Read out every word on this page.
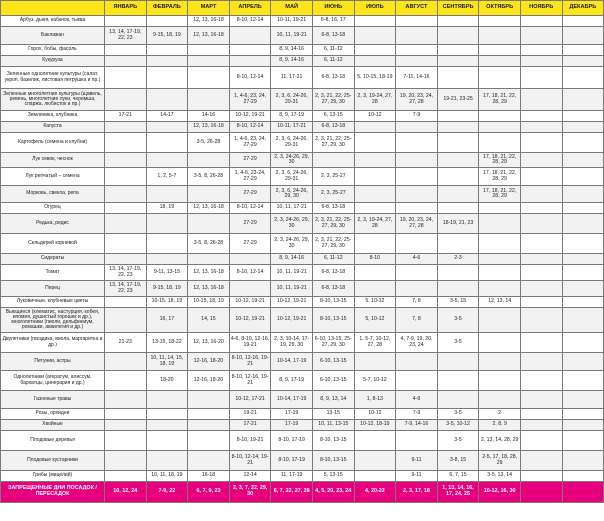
	ЯНВАРЬ	ФЕВРАЛЬ	МАРТ	АПРЕЛЬ	МАЙ	ИЮНЬ	ИЮЛЬ	АВГУСТ	СЕНТЯБРЬ	ОКТЯБРЬ	НОЯБРЬ	ДЕКАБРЬ
Арбуз, дыня, кабачок, тыква			12, 13, 16-18	8-10, 12-14	10-11, 19-21	6-8, 16, 17						
Баклажан	13, 14, 17-19, 22, 23	9-15, 18, 19	12, 13, 16-18		10, 11, 19-21	6-8, 13-18						
Горох, бобы, фасоль					8, 9, 14-16	6, 11-12						
Кукуруза					8, 9, 14-16	6, 11-12						
Зеленные однолетние культуры (салат, укроп, базилик, листовая петрушка и пр.)				8-10, 12-14	11, 17-21	6-8, 13-18	5, 10-15, 18-19	7-11, 14-16				
Зеленные многолетние культуры (щавель, ревень, многолетние луки, черемша, спаржа, любисток и пр.)				1, 4-6, 23, 24, 27-29	2, 3, 6, 24-26, 29-31	2, 3, 21, 22, 25-27, 29, 30	2, 3, 19-24, 27, 28	19, 20, 23, 24, 27, 28	19-21, 23-25	17, 18, 21, 22, 28, 29		
Земляника, клубника	17-21	14-17	14-16	10-12, 19-21	8, 9, 17-19	6, 13-15	10-12	7-9				
Капуста			12, 13, 16-18	8-10, 12-14	10-11, 17-21	6-8, 13-18						
Картофель (семена и клубни)			3-5, 26-28	1, 4-6, 23, 24, 27-29	2, 3, 6, 24-26, 29-31	2, 3, 21, 22, 25-27, 29, 30						
Лук севок, чеснок				27-29	2, 3, 24-26, 29, 30					17, 18, 21, 22, 28, 29		
Лук репчатый – семена		1, 2, 5-7	3-5, 8, 26-28	1, 4-6, 23-24, 27-29	2, 3, 6, 24-26, 29-31	2, 3, 25-27				17, 18, 21, 22, 28, 29		
Морковь, свекла, репа				27-29	2, 3, 6, 24-26, 29, 30	2, 3, 25-27				17, 18, 21, 22, 28, 29		
Огурец		18, 19	12, 13, 16-18	8-10, 12-14	10, 11, 17-21	6-8, 13-18						
Редька, редис				27-29	2, 3, 24-26, 29, 30	2, 3, 21, 22, 25-27, 29, 30	2, 3, 19-24, 27, 28	19, 20, 23, 24, 27, 28	18-19, 21, 23			
Сельдерей корневой			3-5, 8, 26-28	27-29	2, 3, 24-26, 29, 30	2, 3, 21, 22, 25-27, 29, 30						
Сидераты					8, 9, 14-16	6, 11-12	8-10	4-6	2-3			
Томат	13, 14, 17-19, 22, 23	9-11, 13-15	12, 13, 16-18	8-10, 12-14	10, 11, 19-21	6-8, 13-18						
Перец	13, 14, 17-19, 22, 23	9-15, 18, 19	12, 13, 16-18		10, 11, 19-21	6-8, 13-18						
Луковичные, клубневые цветы		10-15, 18, 19	10-15, 18, 19	10-12, 19-21	10-12, 19-21	8-10, 13-15	5, 10-12	7, 8	3-5, 15	12, 13, 14		
Вьющиеся (клематис, настурция, кобея, ипомея, душистый горошек и др.), многолетники (пиоли, дельфиниум, ромашки, аквилегия и др.)		16, 17	14, 15	10-12, 19-21	10-12, 19-21	8-10, 13-15	5, 10-12	7, 8	3-5			
Двулетники (гвоздика, виола, маргаритка и др.)	21-23	13-15, 18-22	12, 13, 16-20	4-6, 8-10, 12-16, 19-21	2, 3, 10-14, 17-19, 29, 30	6-10, 13-15, 25-27, 29, 30	1, 5-7, 10-12, 27, 28	4, 7-9, 19, 20, 23, 24	3-5			
Петунии, астры		10, 11, 14, 15, 18, 19	12-16, 18-20	8-10, 12-16, 19-21	10-14, 17-19	6-10, 13-15						
Однолетники (агератум, алиссум, бархатцы, цинерария и др.)		18-20	12-16, 18-20	8-10, 12-16, 19-21	8, 9, 17-19	6-10, 13-15	5-7, 10-12					
Газонные травы				10-12, 17-21	10-14, 17-19	8, 9, 13, 14	1, 8-13	4-9				
Розы, орхидеи				19-21	17-19	13-15	10-12	7-9	3-5	2		
Хвойные				17-21	17-19	10, 11, 13-15	10-12, 18-19	7-9, 14-16	3-5, 10-12	2, 8, 9		
Плодовые деревья				8-10, 19-21	8-10, 17-19	8-10, 13-15			3-5	2, 13, 14, 28, 29		
Плодовые кустарники				8-10, 12-14, 19-21	8-10, 17-19	8-10, 13-15		9-11	3-8, 15	2-5, 17, 18, 28, 29		
Грибы (мицелий)		10, 11, 18, 19	16-18	12-14	11, 17-19	5, 13-15		9-11	6, 7, 15	3-5, 13, 14		
ЗАПРЕЩЕННЫЕ ДНИ ПОСАДОК / ПЕРЕСАДОК	10, 12, 24	7-9, 22	6, 7, 9, 23	2, 3, 7, 22, 29, 30	6, 7, 22, 27, 28	4, 5, 20, 23, 24	4, 20-22	2, 3, 17, 18	1, 13, 14, 16, 17, 24, 25	10-12, 16, 30		
